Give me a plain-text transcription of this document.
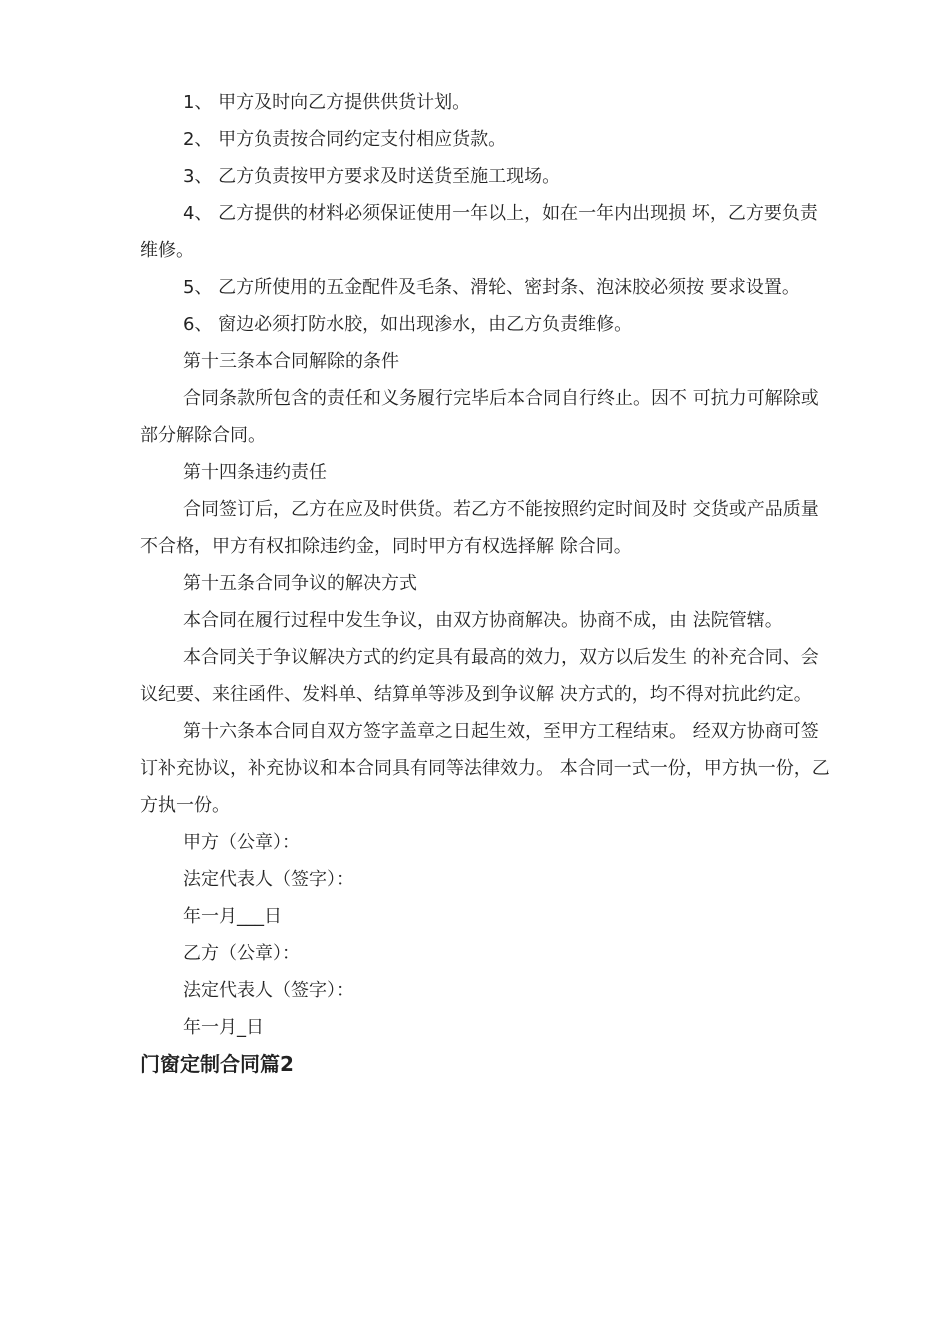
1、 甲方及时向乙方提供供货计划。

2、 甲方负责按合同约定支付相应货款。

3、 乙方负责按甲方要求及时送货至施工现场。

4、 乙方提供的材料必须保证使用一年以上，如在一年内出现损 坏，乙方要负责维修。

5、 乙方所使用的五金配件及毛条、滑轮、密封条、泡沫胶必须按 要求设置。

6、 窗边必须打防水胶，如出现渗水，由乙方负责维修。

第十三条本合同解除的条件

合同条款所包含的责任和义务履行完毕后本合同自行终止。因不 可抗力可解除或部分解除合同。

第十四条违约责任

合同签订后，乙方在应及时供货。若乙方不能按照约定时间及时 交货或产品质量不合格，甲方有权扣除违约金，同时甲方有权选择解 除合同。

第十五条合同争议的解决方式

本合同在履行过程中发生争议，由双方协商解决。协商不成，由 法院管辖。

本合同关于争议解决方式的约定具有最高的效力，双方以后发生 的补充合同、会议纪要、来往函件、发料单、结算单等涉及到争议解 决方式的，均不得对抗此约定。

第十六条本合同自双方签字盖章之日起生效，至甲方工程结束。 经双方协商可签订补充协议，补充协议和本合同具有同等法律效力。 本合同一式一份，甲方执一份，乙方执一份。

甲方（公章）：

法定代表人（签字）：

年一月___日

乙方（公章）：

法定代表人（签字）：

年一月_日

门窗定制合同篇2
